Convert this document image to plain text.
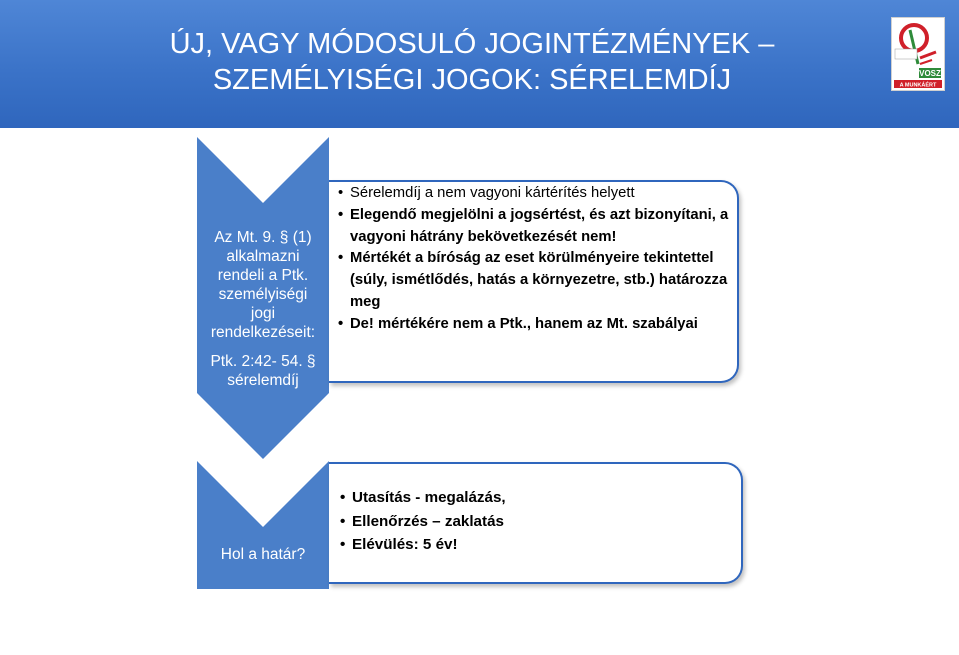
ÚJ, VAGY MÓDOSULÓ JOGINTÉZMÉNYEK –
SZEMÉLYISÉGI JOGOK: SÉRELEMDÍJ	VOSZ
A MUNKÁÉRT
Az Mt. 9. § (1)
alkalmazni
rendeli a Ptk.
személyiségi
jogi
rendelkezéseit:
Ptk. 2:42- 54. §
sérelemdíj
• Sérelemdíj a nem vagyoni kártérítés helyett
• Elegendő megjelölni a jogsértést, és azt bizonyítani, a vagyoni hátrány bekövetkezését nem!
• Mértékét a bíróság az eset körülményeire tekintettel (súly, ismétlődés, hatás a környezetre, stb.) határozza meg
• De! mértékére nem a Ptk., hanem az Mt. szabályai
Hol a határ?
• Utasítás - megalázás,
• Ellenőrzés – zaklatás
• Elévülés: 5 év!
